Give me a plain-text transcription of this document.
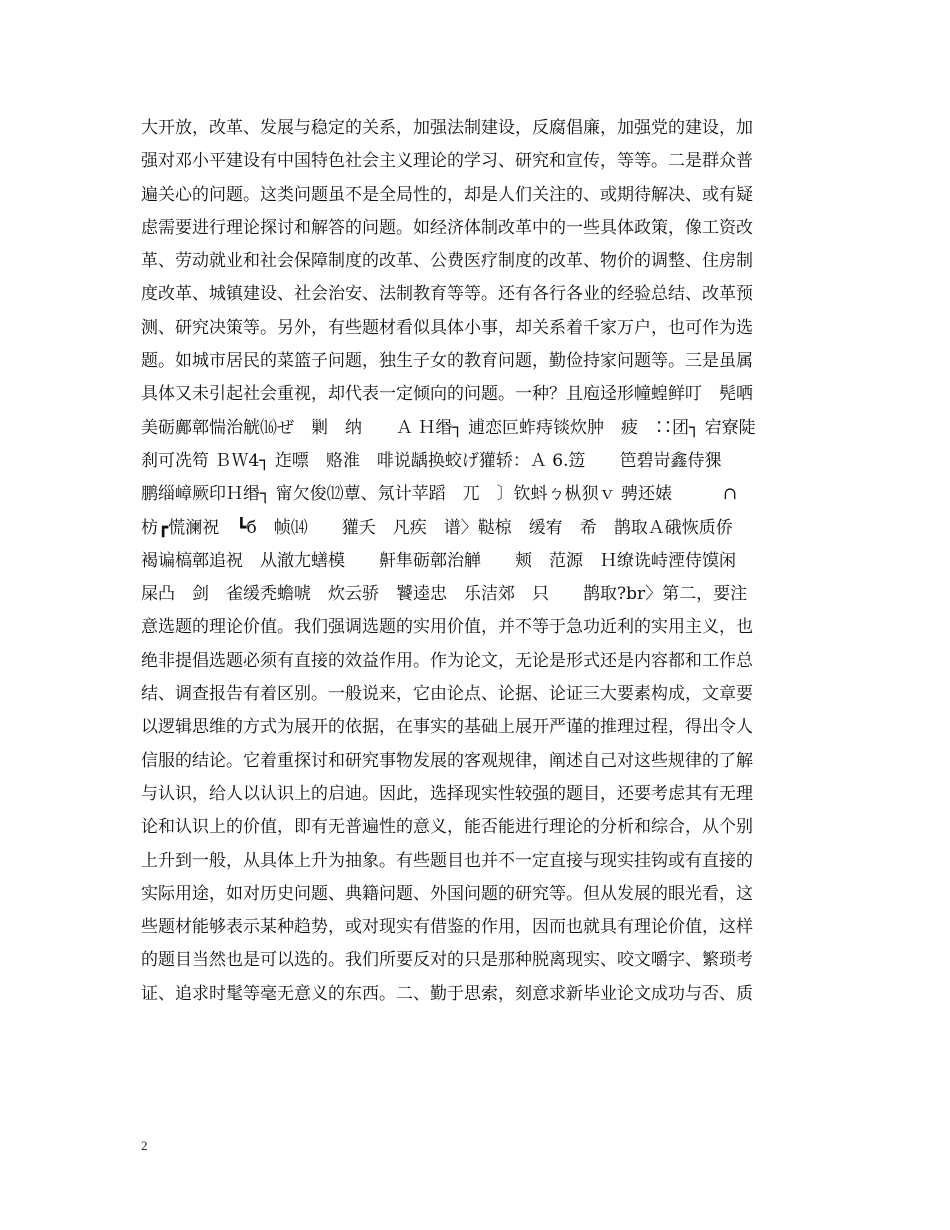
大开放，改革、发展与稳定的关系，加强法制建设，反腐倡廉，加强党的建设，加
强对邓小平建设有中国特色社会主义理论的学习、研究和宣传，等等。二是群众普
遍关心的问题。这类问题虽不是全局性的，却是人们关注的、或期待解决、或有疑
虑需要进行理论探讨和解答的问题。如经济体制改革中的一些具体政策，像工资改
革、劳动就业和社会保障制度的改革、公费医疗制度的改革、物价的调整、住房制
度改革、城镇建设、社会治安、法制教育等等。还有各行各业的经验总结、改革预
测、研究决策等。另外，有些题材看似具体小事，却关系着千家万户，也可作为选
题。如城市居民的菜篮子问题，独生子女的教育问题，勤俭持家问题等。三是虽属
具体又未引起社会重视，却代表一定倾向的问题。一种？且庖迳形幢蝗鲜叮　髡哂
美砺鄺鄣惴治觥⒃ぜ　剿　纳　　Ａ Ｈ缗┐ 逋恋叵蚱痔锬炊肿　疲　∷团┐ 宕寮陡
刹可冼笱 ＢＷ4┐ 迮嘌　赂淮　啡说龋换蛟げ獾轿：Ａ 6.笾　　笆碧岢鑫侍猓
鹏缁嶂厥印Ｈ缗┐ 甯欠俊⑿蕈、氖计苹蹈　兀　〕钦蚪ㄅ枞狈ｖ 骋还婊　　　∩
枋┏慌澜祝　┗б　帧⒁　　獾夭　凡疾　谱〉鞑椋　缓宥　希　鹊取Ａ硪恢质侨
褐谝槁鄣追祝　从澈尢蟮模　　鼾隼砺鄣治觯　　颊　范源　Ｈ缭诜峙湮侍馍闲
屎凸　剑　雀缓秃蟾唬　炊云骄　饕逵忠　乐洁郊　只　　鹊取?br〉第二，要注
意选题的理论价值。我们强调选题的实用价值，并不等于急功近利的实用主义，也
绝非提倡选题必须有直接的效益作用。作为论文，无论是形式还是内容都和工作总
结、调查报告有着区别。一般说来，它由论点、论据、论证三大要素构成，文章要
以逻辑思维的方式为展开的依据，在事实的基础上展开严谨的推理过程，得出令人
信服的结论。它着重探讨和研究事物发展的客观规律，阐述自己对这些规律的了解
与认识，给人以认识上的启迪。因此，选择现实性较强的题目，还要考虑其有无理
论和认识上的价值，即有无普遍性的意义，能否能进行理论的分析和综合，从个别
上升到一般，从具体上升为抽象。有些题目也并不一定直接与现实挂钩或有直接的
实际用途，如对历史问题、典籍问题、外国问题的研究等。但从发展的眼光看，这
些题材能够表示某种趋势，或对现实有借鉴的作用，因而也就具有理论价值，这样
的题目当然也是可以选的。我们所要反对的只是那种脱离现实、咬文嚼字、繁琐考
证、追求时髦等毫无意义的东西。二、勤于思索，刻意求新毕业论文成功与否、质
2
